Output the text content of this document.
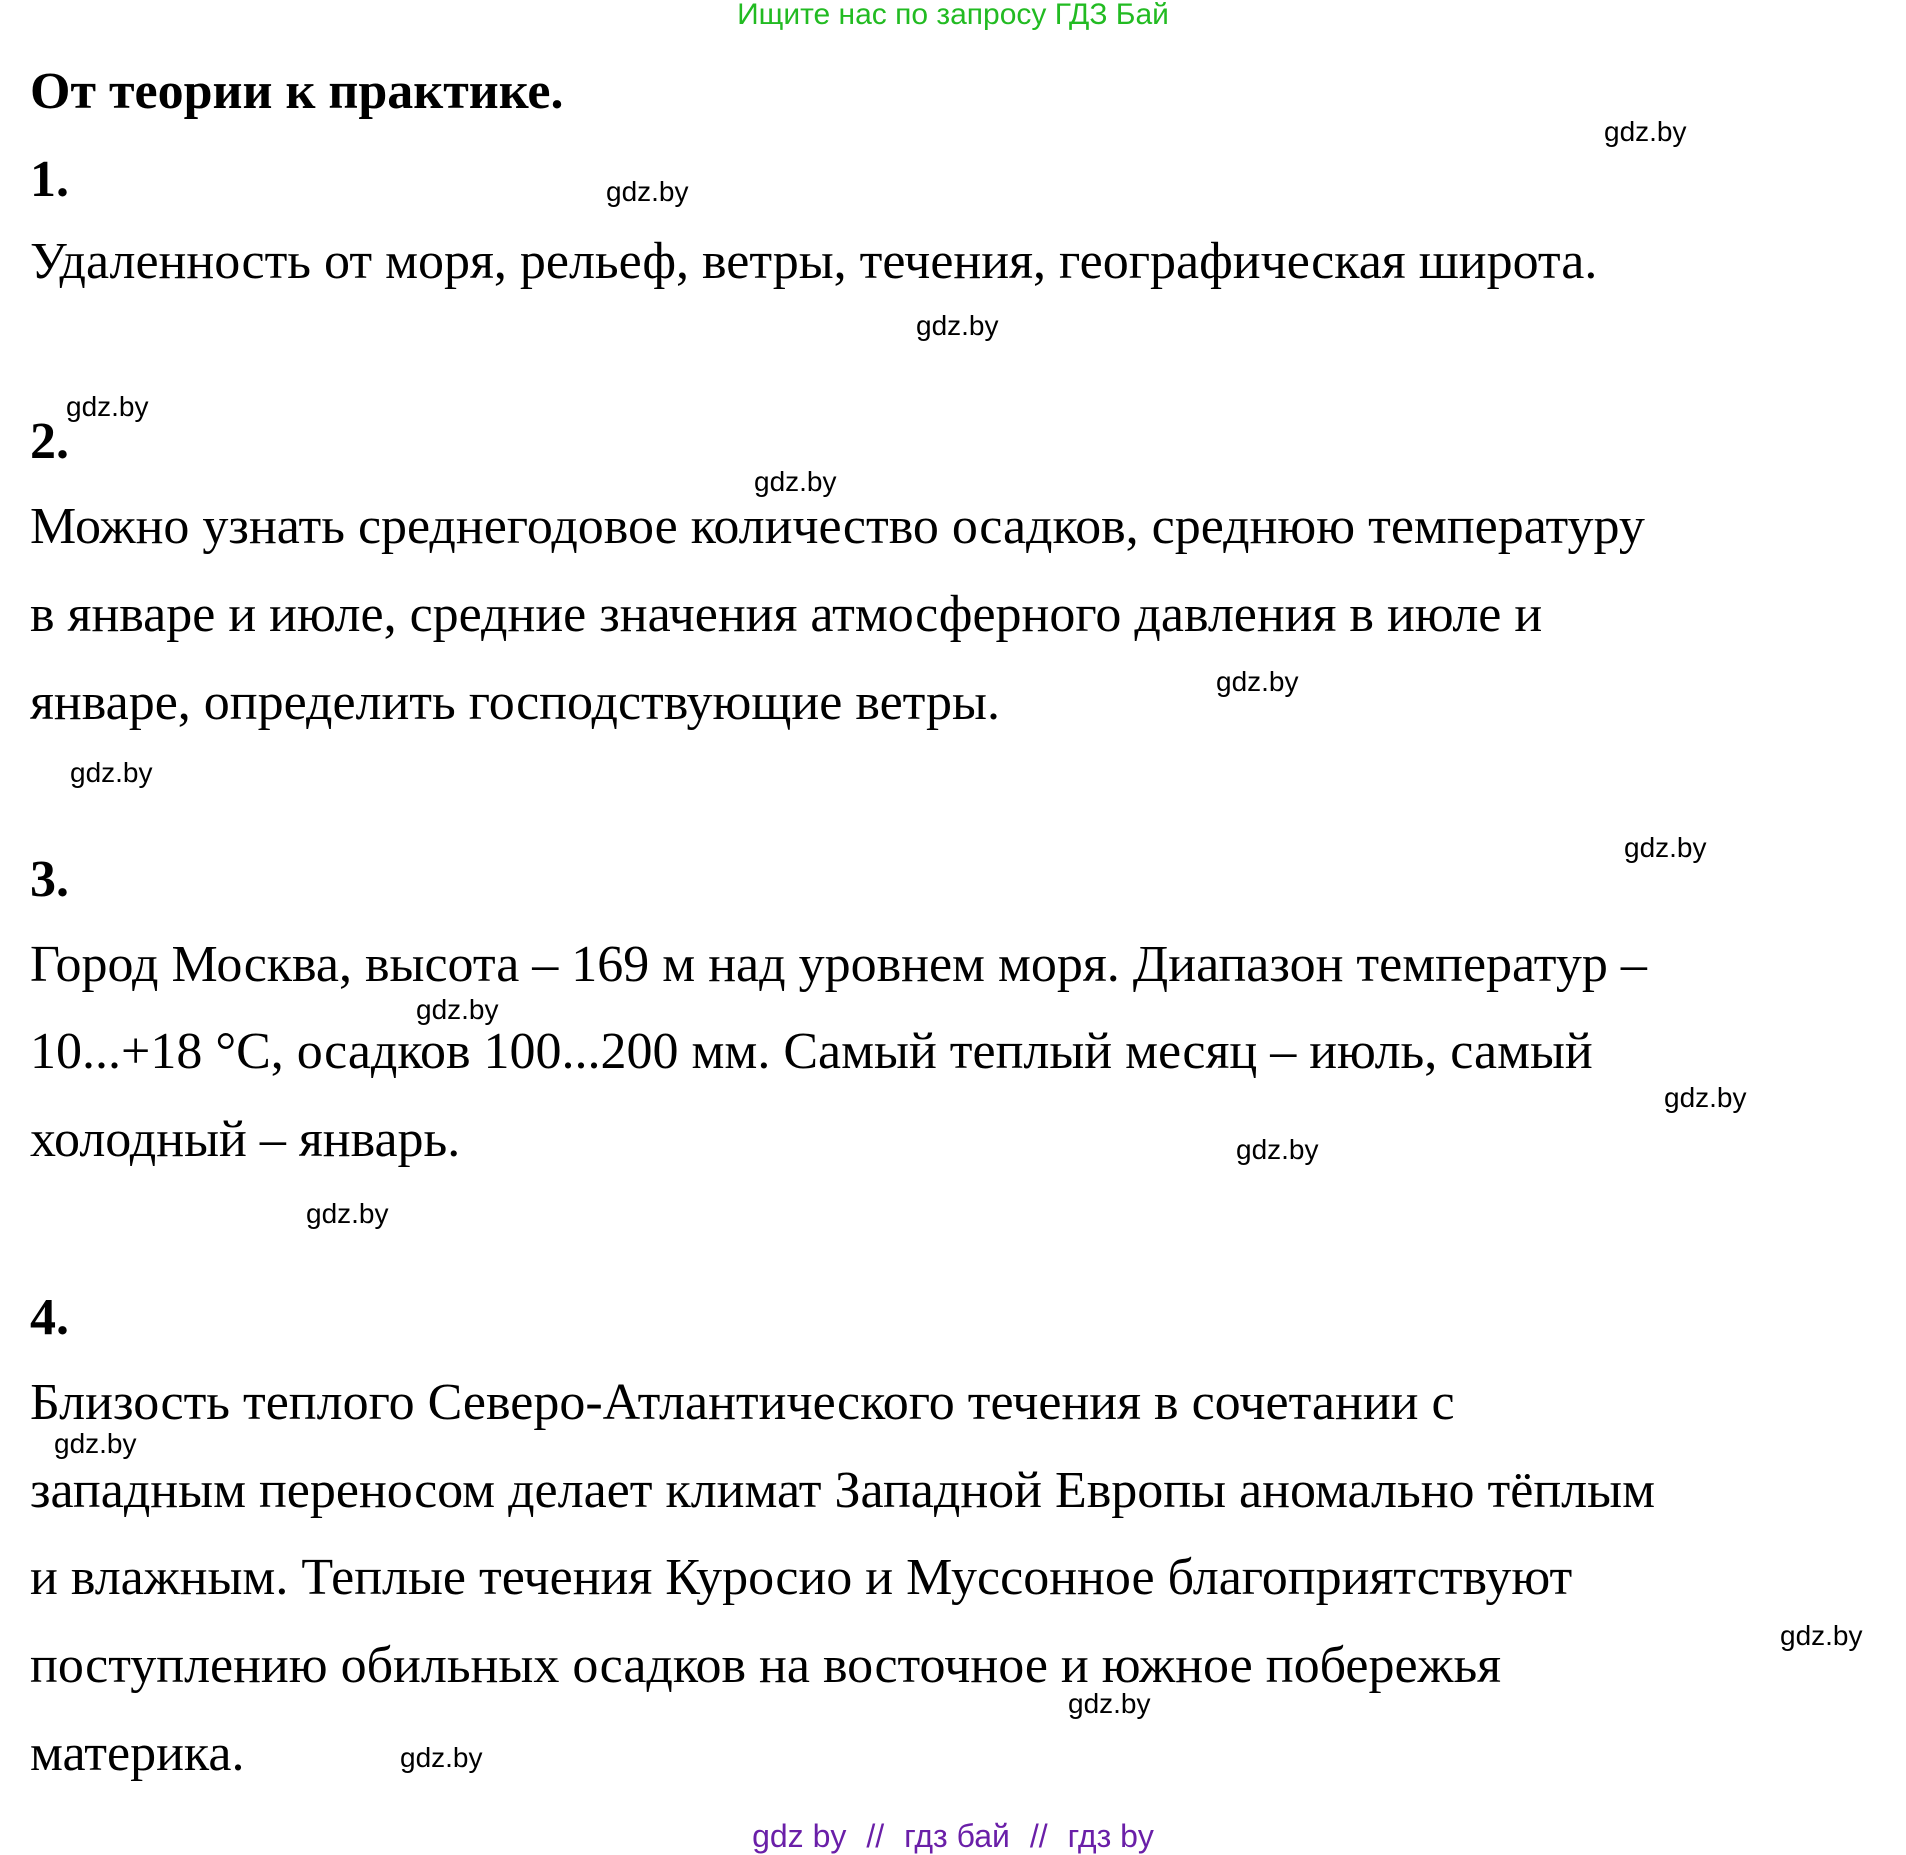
Ищите нас по запросу ГДЗ Бай
От теории к практике.
1.
Удаленность от моря, рельеф, ветры, течения, географическая широта.
2.
Можно узнать среднегодовое количество осадков, среднюю температуру
в январе и июле, средние значения атмосферного давления в июле и
январе, определить господствующие ветры.
3.
Город Москва, высота – 169 м над уровнем моря. Диапазон температур –
10...+18 °С, осадков 100...200 мм. Самый теплый месяц – июль, самый
холодный – январь.
4.
Близость теплого Северо-Атлантического течения в сочетании с
западным переносом делает климат Западной Европы аномально тёплым
и влажным. Теплые течения Куросио и Муссонное благоприятствуют
поступлению обильных осадков на восточное и южное побережья
материка.
gdz.by
gdz.by
gdz.by
gdz.by
gdz.by
gdz.by
gdz.by
gdz.by
gdz.by
gdz.by
gdz.by
gdz.by
gdz.by
gdz.by
gdz.by
gdz.by
gdz by // гдз бай // гдз by
